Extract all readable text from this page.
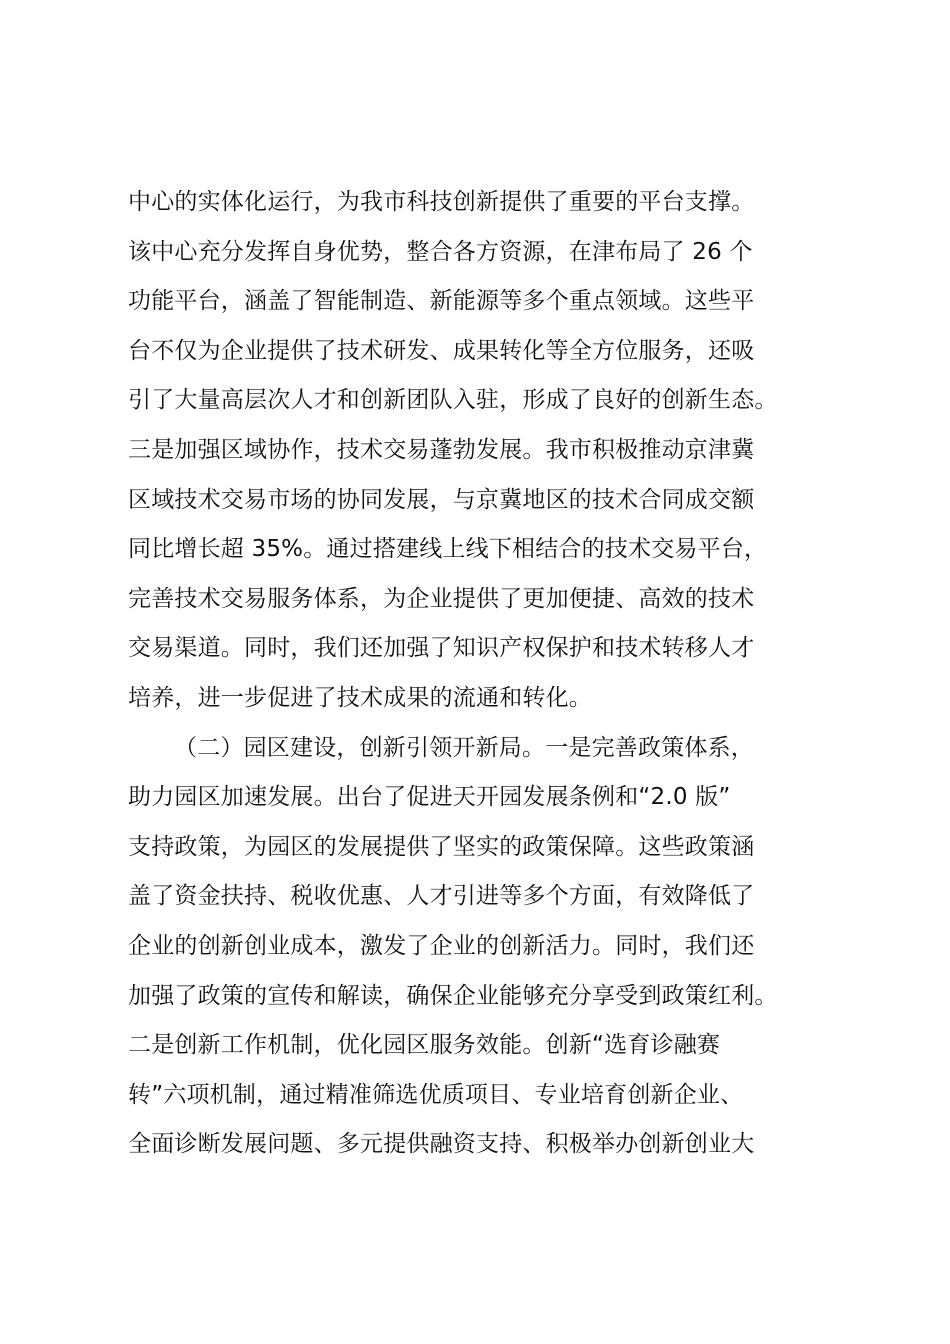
中心的实体化运行，为我市科技创新提供了重要的平台支撑。
该中心充分发挥自身优势，整合各方资源，在津布局了 26 个
功能平台，涵盖了智能制造、新能源等多个重点领域。这些平
台不仅为企业提供了技术研发、成果转化等全方位服务，还吸
引了大量高层次人才和创新团队入驻，形成了良好的创新生态。
三是加强区域协作，技术交易蓬勃发展。我市积极推动京津冀
区域技术交易市场的协同发展，与京冀地区的技术合同成交额
同比增长超 35%。通过搭建线上线下相结合的技术交易平台，
完善技术交易服务体系，为企业提供了更加便捷、高效的技术
交易渠道。同时，我们还加强了知识产权保护和技术转移人才
培养，进一步促进了技术成果的流通和转化。
（二）园区建设，创新引领开新局。一是完善政策体系，
助力园区加速发展。出台了促进天开园发展条例和“2.0 版”
支持政策，为园区的发展提供了坚实的政策保障。这些政策涵
盖了资金扶持、税收优惠、人才引进等多个方面，有效降低了
企业的创新创业成本，激发了企业的创新活力。同时，我们还
加强了政策的宣传和解读，确保企业能够充分享受到政策红利。
二是创新工作机制，优化园区服务效能。创新“选育诊融赛
转”六项机制，通过精准筛选优质项目、专业培育创新企业、
全面诊断发展问题、多元提供融资支持、积极举办创新创业大
